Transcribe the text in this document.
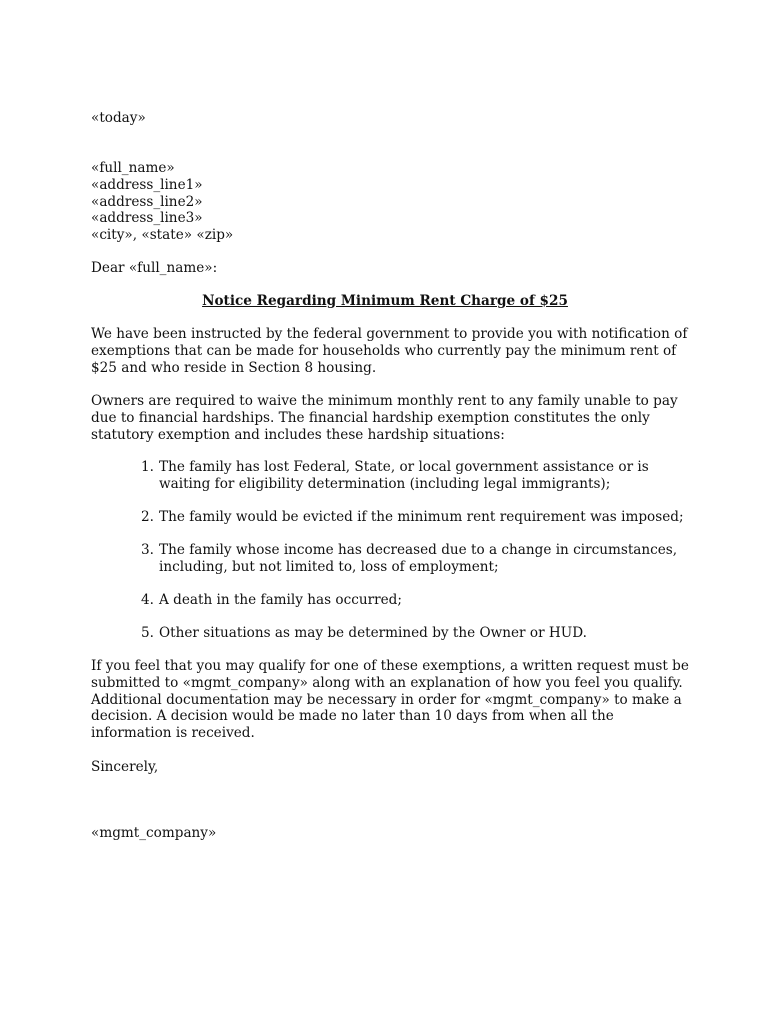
«today»
«full_name»
«address_line1»
«address_line2»
«address_line3»
«city», «state» «zip»
Dear «full_name»:
Notice Regarding Minimum Rent Charge of $25
We have been instructed by the federal government to provide you with notification of
exemptions that can be made for households who currently pay the minimum rent of
$25 and who reside in Section 8 housing.
Owners are required to waive the minimum monthly rent to any family unable to pay
due to financial hardships. The financial hardship exemption constitutes the only
statutory exemption and includes these hardship situations:
1. The family has lost Federal, State, or local government assistance or is
waiting for eligibility determination (including legal immigrants);
2. The family would be evicted if the minimum rent requirement was imposed;
3. The family whose income has decreased due to a change in circumstances,
including, but not limited to, loss of employment;
4. A death in the family has occurred;
5. Other situations as may be determined by the Owner or HUD.
If you feel that you may qualify for one of these exemptions, a written request must be
submitted to «mgmt_company» along with an explanation of how you feel you qualify.
Additional documentation may be necessary in order for «mgmt_company» to make a
decision. A decision would be made no later than 10 days from when all the
information is received.
Sincerely,
«mgmt_company»
